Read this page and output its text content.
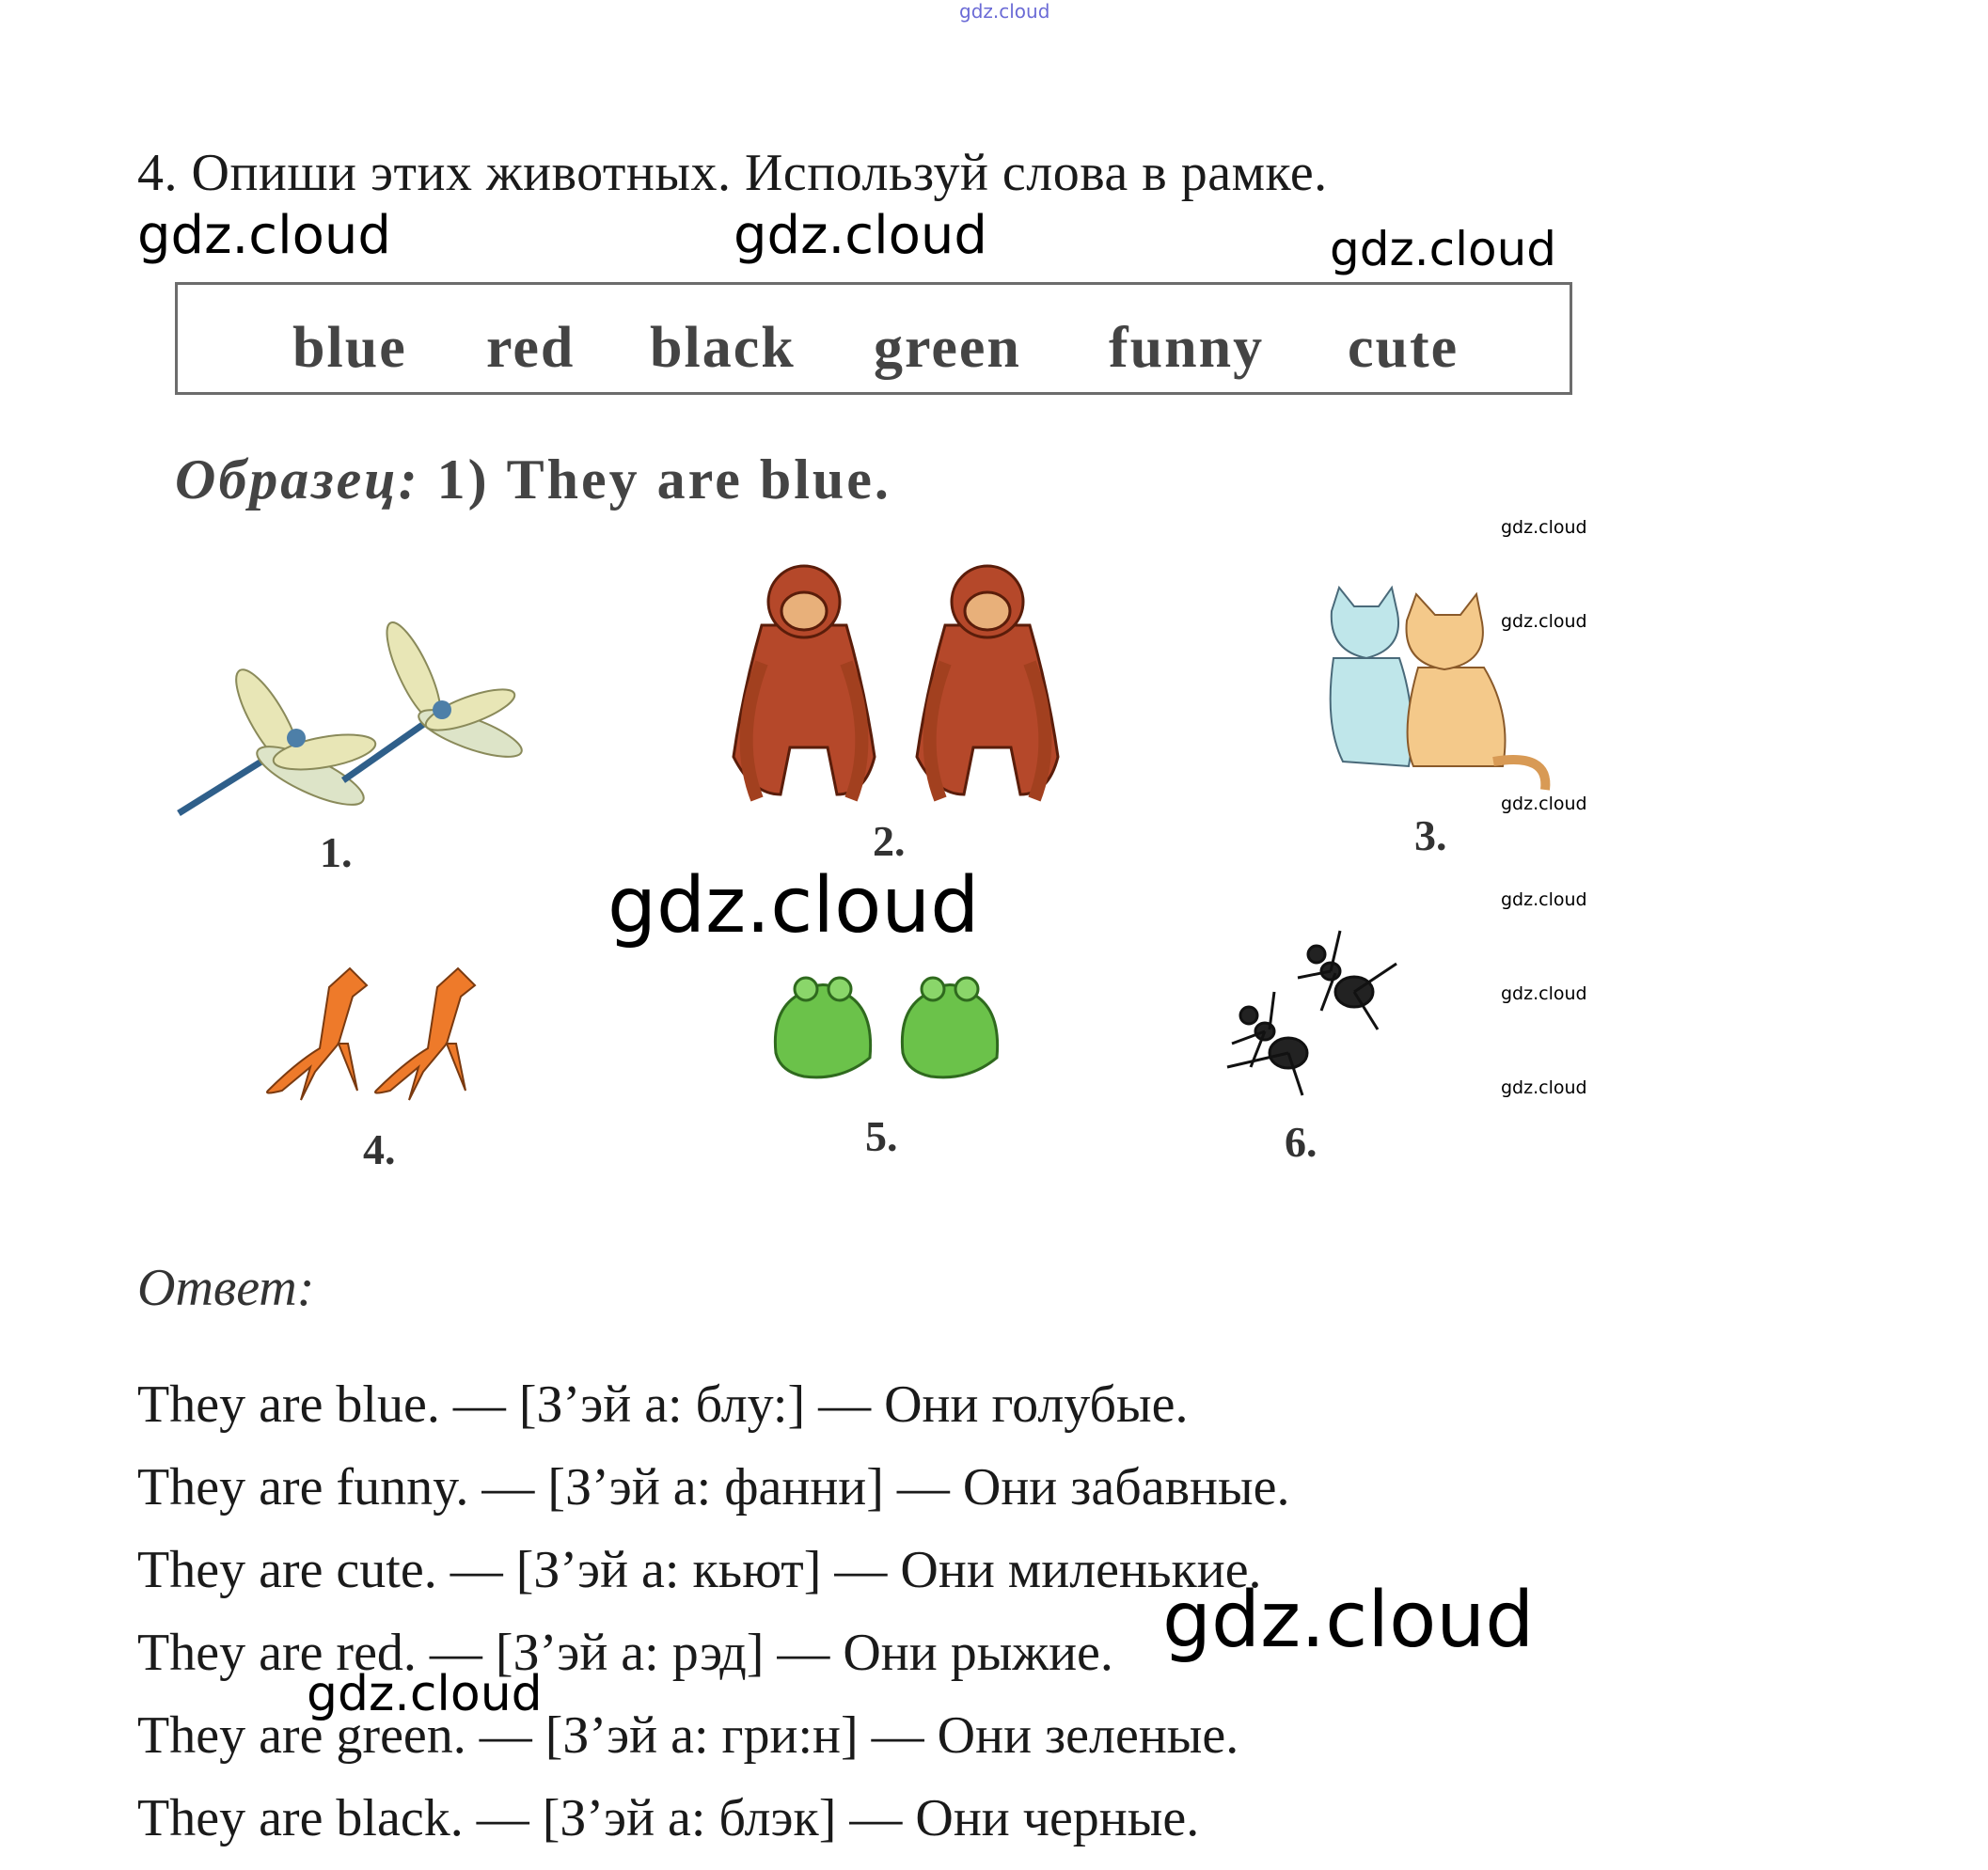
gdz.cloud
gdz.cloud	gdz.cloud	gdz.cloud
4. Опиши этих животных. Используй слова в рамке.
blue red black green funny cute
Образец: 1) They are blue.
gdz.cloud
gdz.cloud
gdz.cloud
gdz.cloud
gdz.cloud
gdz.cloud
1.	2.	3.
gdz.cloud
4.	5.	6.
Ответ:
They are blue. — [З’эй а: блу:] — Они голубые.
They are funny. — [З’эй а: фанни] — Они забавные.
They are cute. — [З’эй а: кьют] — Они миленькие.
They are red. — [З’эй а: рэд] — Они рыжие.
They are green. — [З’эй а: гри:н] — Они зеленые.
They are black. — [З’эй а: блэк] — Они черные.
gdz.cloud
gdz.cloud
